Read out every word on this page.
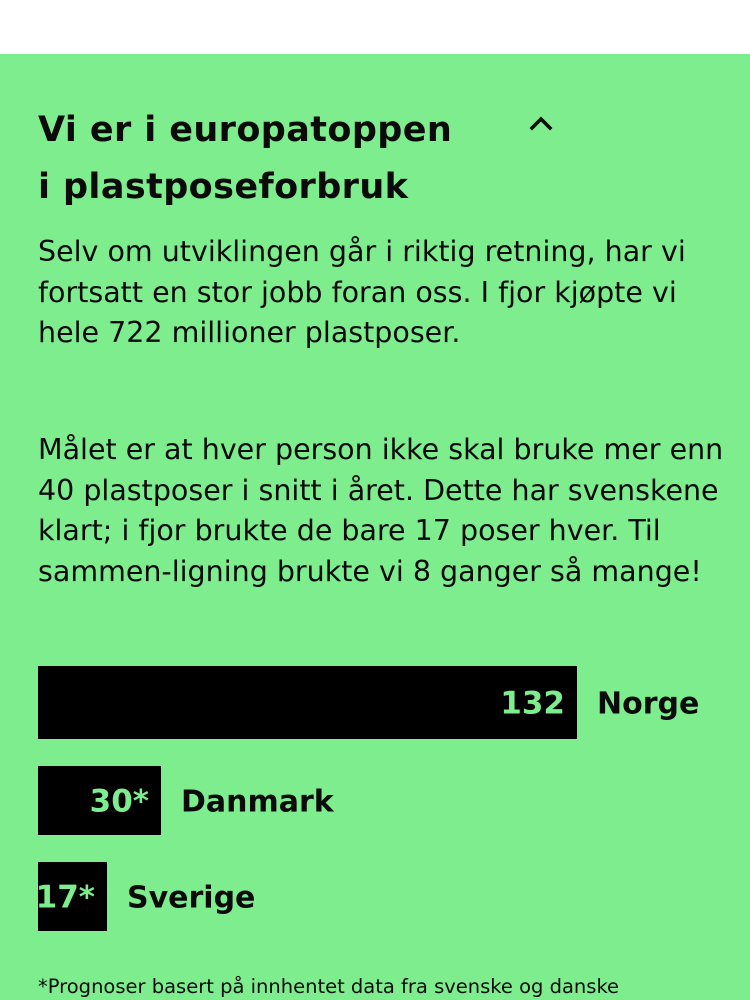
Vi er i europatoppen
i plastposeforbruk

Selv om utviklingen går i riktig retning, har vi fortsatt en stor jobb foran oss. I fjor kjøpte vi hele 722 millioner plastposer.

Målet er at hver person ikke skal bruke mer enn 40 plastposer i snitt i året. Dette har svenskene klart; i fjor brukte de bare 17 poser hver. Til sammen-ligning brukte vi 8 ganger så mange!

132 Norge
30* Danmark
17* Sverige

*Prognoser basert på innhentet data fra svenske og danske
